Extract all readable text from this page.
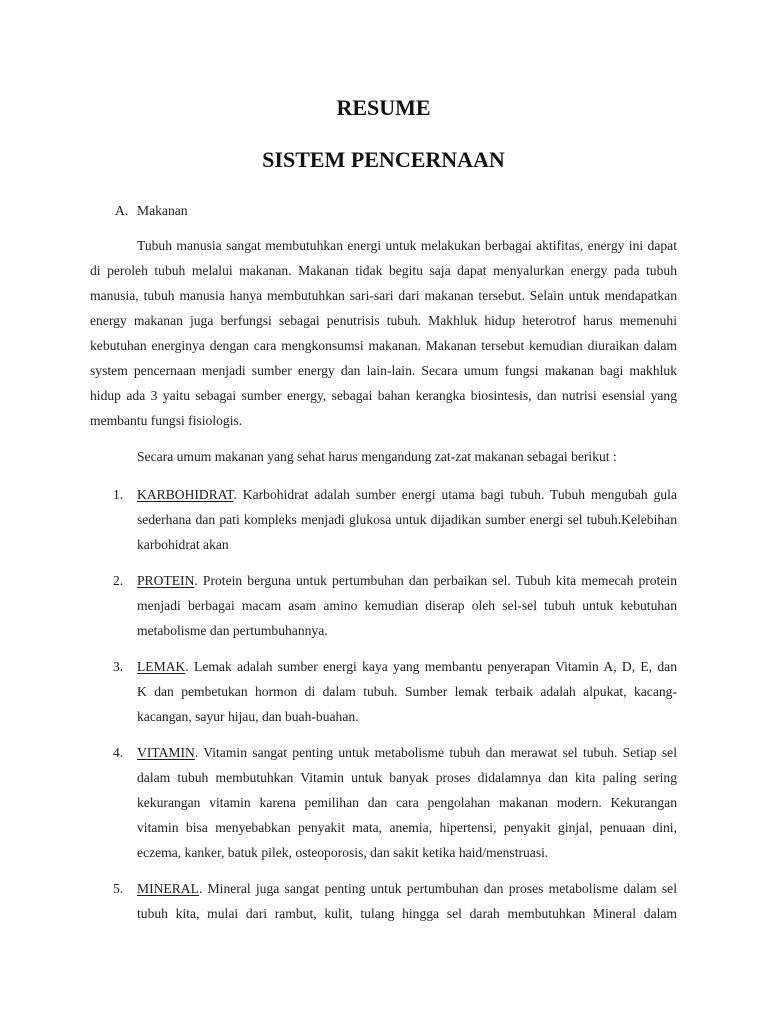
RESUME
SISTEM PENCERNAAN
A. Makanan
Tubuh manusia sangat membutuhkan energi untuk melakukan berbagai aktifitas, energy ini dapat
di peroleh tubuh melalui makanan. Makanan tidak begitu saja dapat menyalurkan energy pada tubuh
manusia, tubuh manusia hanya membutuhkan sari-sari dari makanan tersebut. Selain untuk mendapatkan
energy makanan juga berfungsi sebagai penutrisis tubuh. Makhluk hidup heterotrof harus memenuhi
kebutuhan energinya dengan cara mengkonsumsi makanan. Makanan tersebut kemudian diuraikan dalam
system pencernaan menjadi sumber energy dan lain-lain. Secara umum fungsi makanan bagi makhluk
hidup ada 3 yaitu sebagai sumber energy, sebagai bahan kerangka biosintesis, dan nutrisi esensial yang
membantu fungsi fisiologis.
Secara umum makanan yang sehat harus mengandung zat-zat makanan sebagai berikut :
1. KARBOHIDRAT. Karbohidrat adalah sumber energi utama bagi tubuh. Tubuh mengubah gula
sederhana dan pati kompleks menjadi glukosa untuk dijadikan sumber energi sel tubuh.Kelebihan
karbohidrat akan
2. PROTEIN. Protein berguna untuk pertumbuhan dan perbaikan sel. Tubuh kita memecah protein
menjadi berbagai macam asam amino kemudian diserap oleh sel-sel tubuh untuk kebutuhan
metabolisme dan pertumbuhannya.
3. LEMAK. Lemak adalah sumber energi kaya yang membantu penyerapan Vitamin A, D, E, dan
K dan pembetukan hormon di dalam tubuh. Sumber lemak terbaik adalah alpukat, kacang-
kacangan, sayur hijau, dan buah-buahan.
4. VITAMIN. Vitamin sangat penting untuk metabolisme tubuh dan merawat sel tubuh. Setiap sel
dalam tubuh membutuhkan Vitamin untuk banyak proses didalamnya dan kita paling sering
kekurangan vitamin karena pemilihan dan cara pengolahan makanan modern. Kekurangan
vitamin bisa menyebabkan penyakit mata, anemia, hipertensi, penyakit ginjal, penuaan dini,
eczema, kanker, batuk pilek, osteoporosis, dan sakit ketika haid/menstruasi.
5. MINERAL. Mineral juga sangat penting untuk pertumbuhan dan proses metabolisme dalam sel
tubuh kita, mulai dari rambut, kulit, tulang hingga sel darah membutuhkan Mineral dalam
